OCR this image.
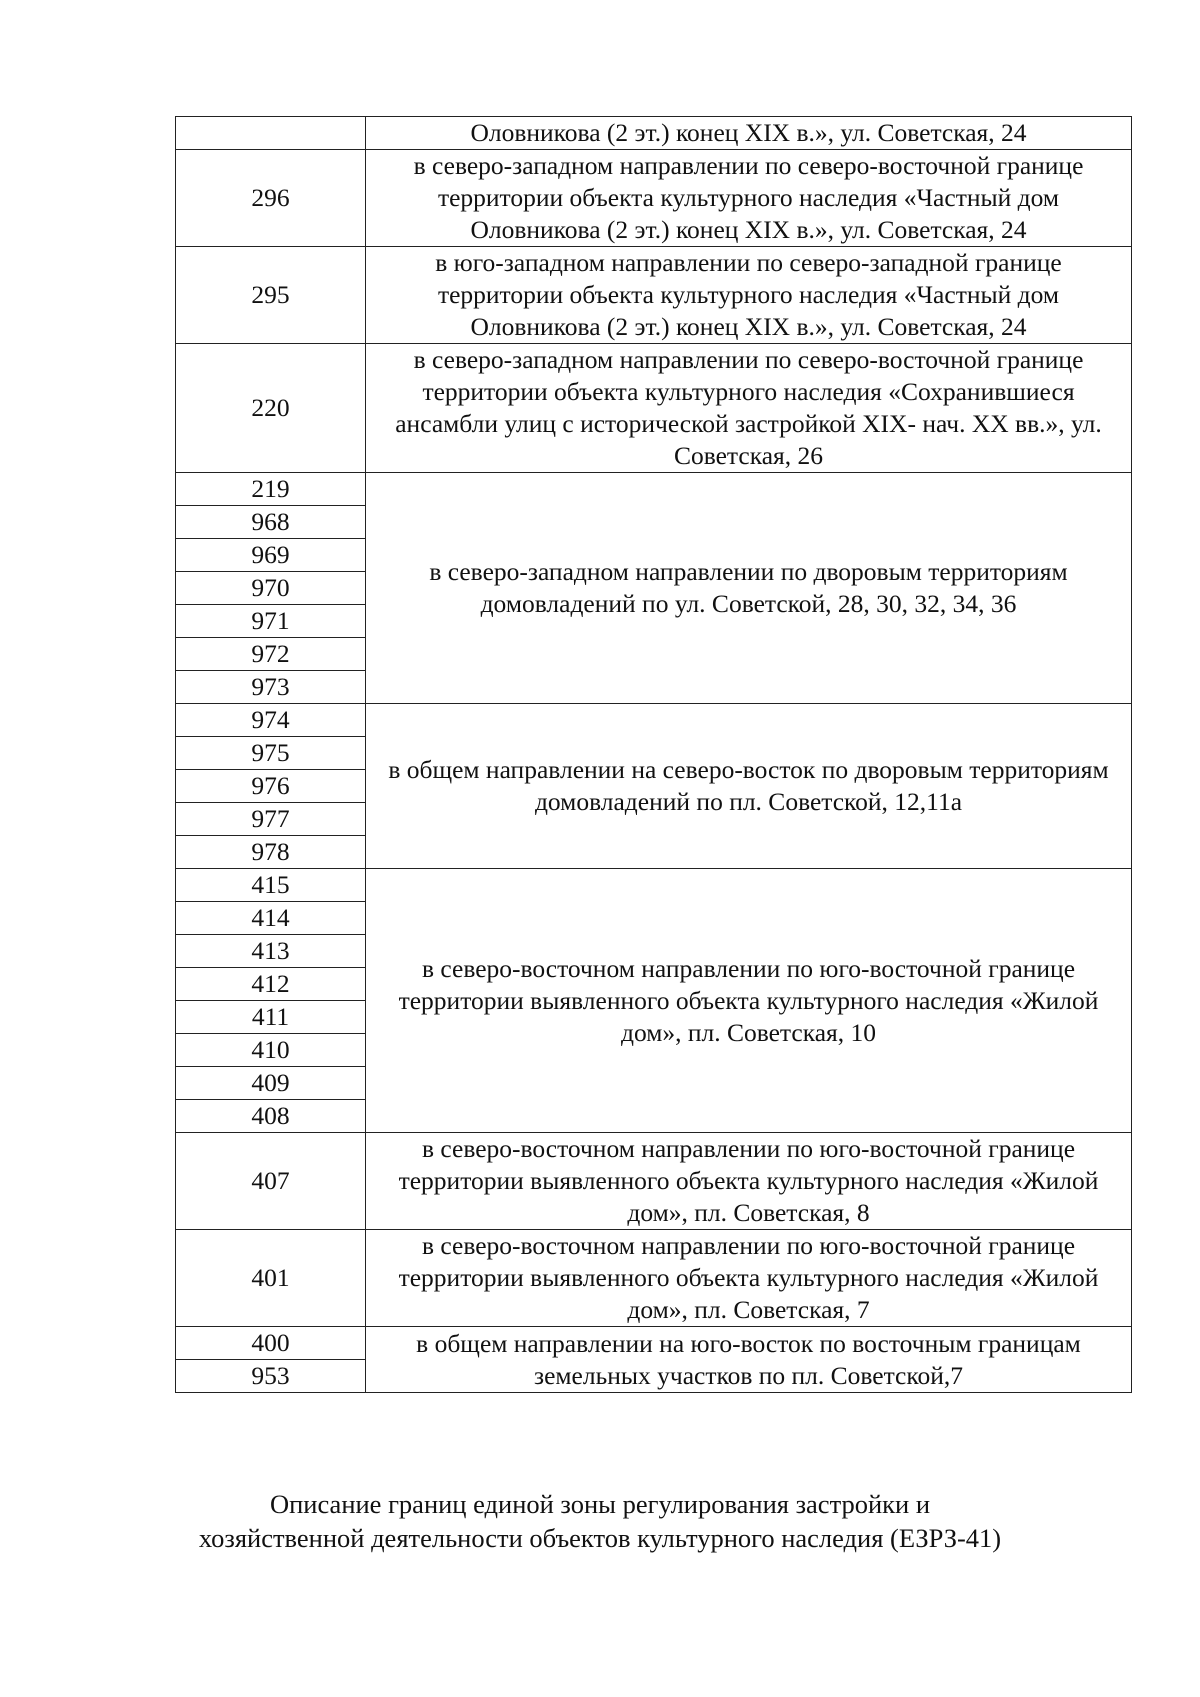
	Оловникова (2 эт.) конец XIX в.», ул. Советская, 24
296	в северо-западном направлении по северо-восточной границе территории объекта культурного наследия «Частный дом Оловникова (2 эт.) конец XIX в.», ул. Советская, 24
295	в юго-западном направлении по северо-западной границе территории объекта культурного наследия «Частный дом Оловникова (2 эт.) конец XIX в.», ул. Советская, 24
220	в северо-западном направлении по северо-восточной границе территории объекта культурного наследия «Сохранившиеся ансамбли улиц с исторической застройкой XIX- нач. XX вв.», ул. Советская, 26
219	в северо-западном направлении по дворовым территориям домовладений по ул. Советской, 28, 30, 32, 34, 36
968	
969	
970	
971	
972	
973	
974	в общем направлении на северо-восток по дворовым территориям домовладений по пл. Советской, 12,11а
975	
976	
977	
978	
415	в северо-восточном направлении по юго-восточной границе территории выявленного объекта культурного наследия «Жилой дом», пл. Советская, 10
414	
413	
412	
411	
410	
409	
408	
407	в северо-восточном направлении по юго-восточной границе территории выявленного объекта культурного наследия «Жилой дом», пл. Советская, 8
401	в северо-восточном направлении по юго-восточной границе территории выявленного объекта культурного наследия «Жилой дом», пл. Советская, 7
400	в общем направлении на юго-восток по восточным границам земельных участков по пл. Советской,7
953	
Описание границ единой зоны регулирования застройки и
хозяйственной деятельности объектов культурного наследия (ЕЗРЗ-41)
